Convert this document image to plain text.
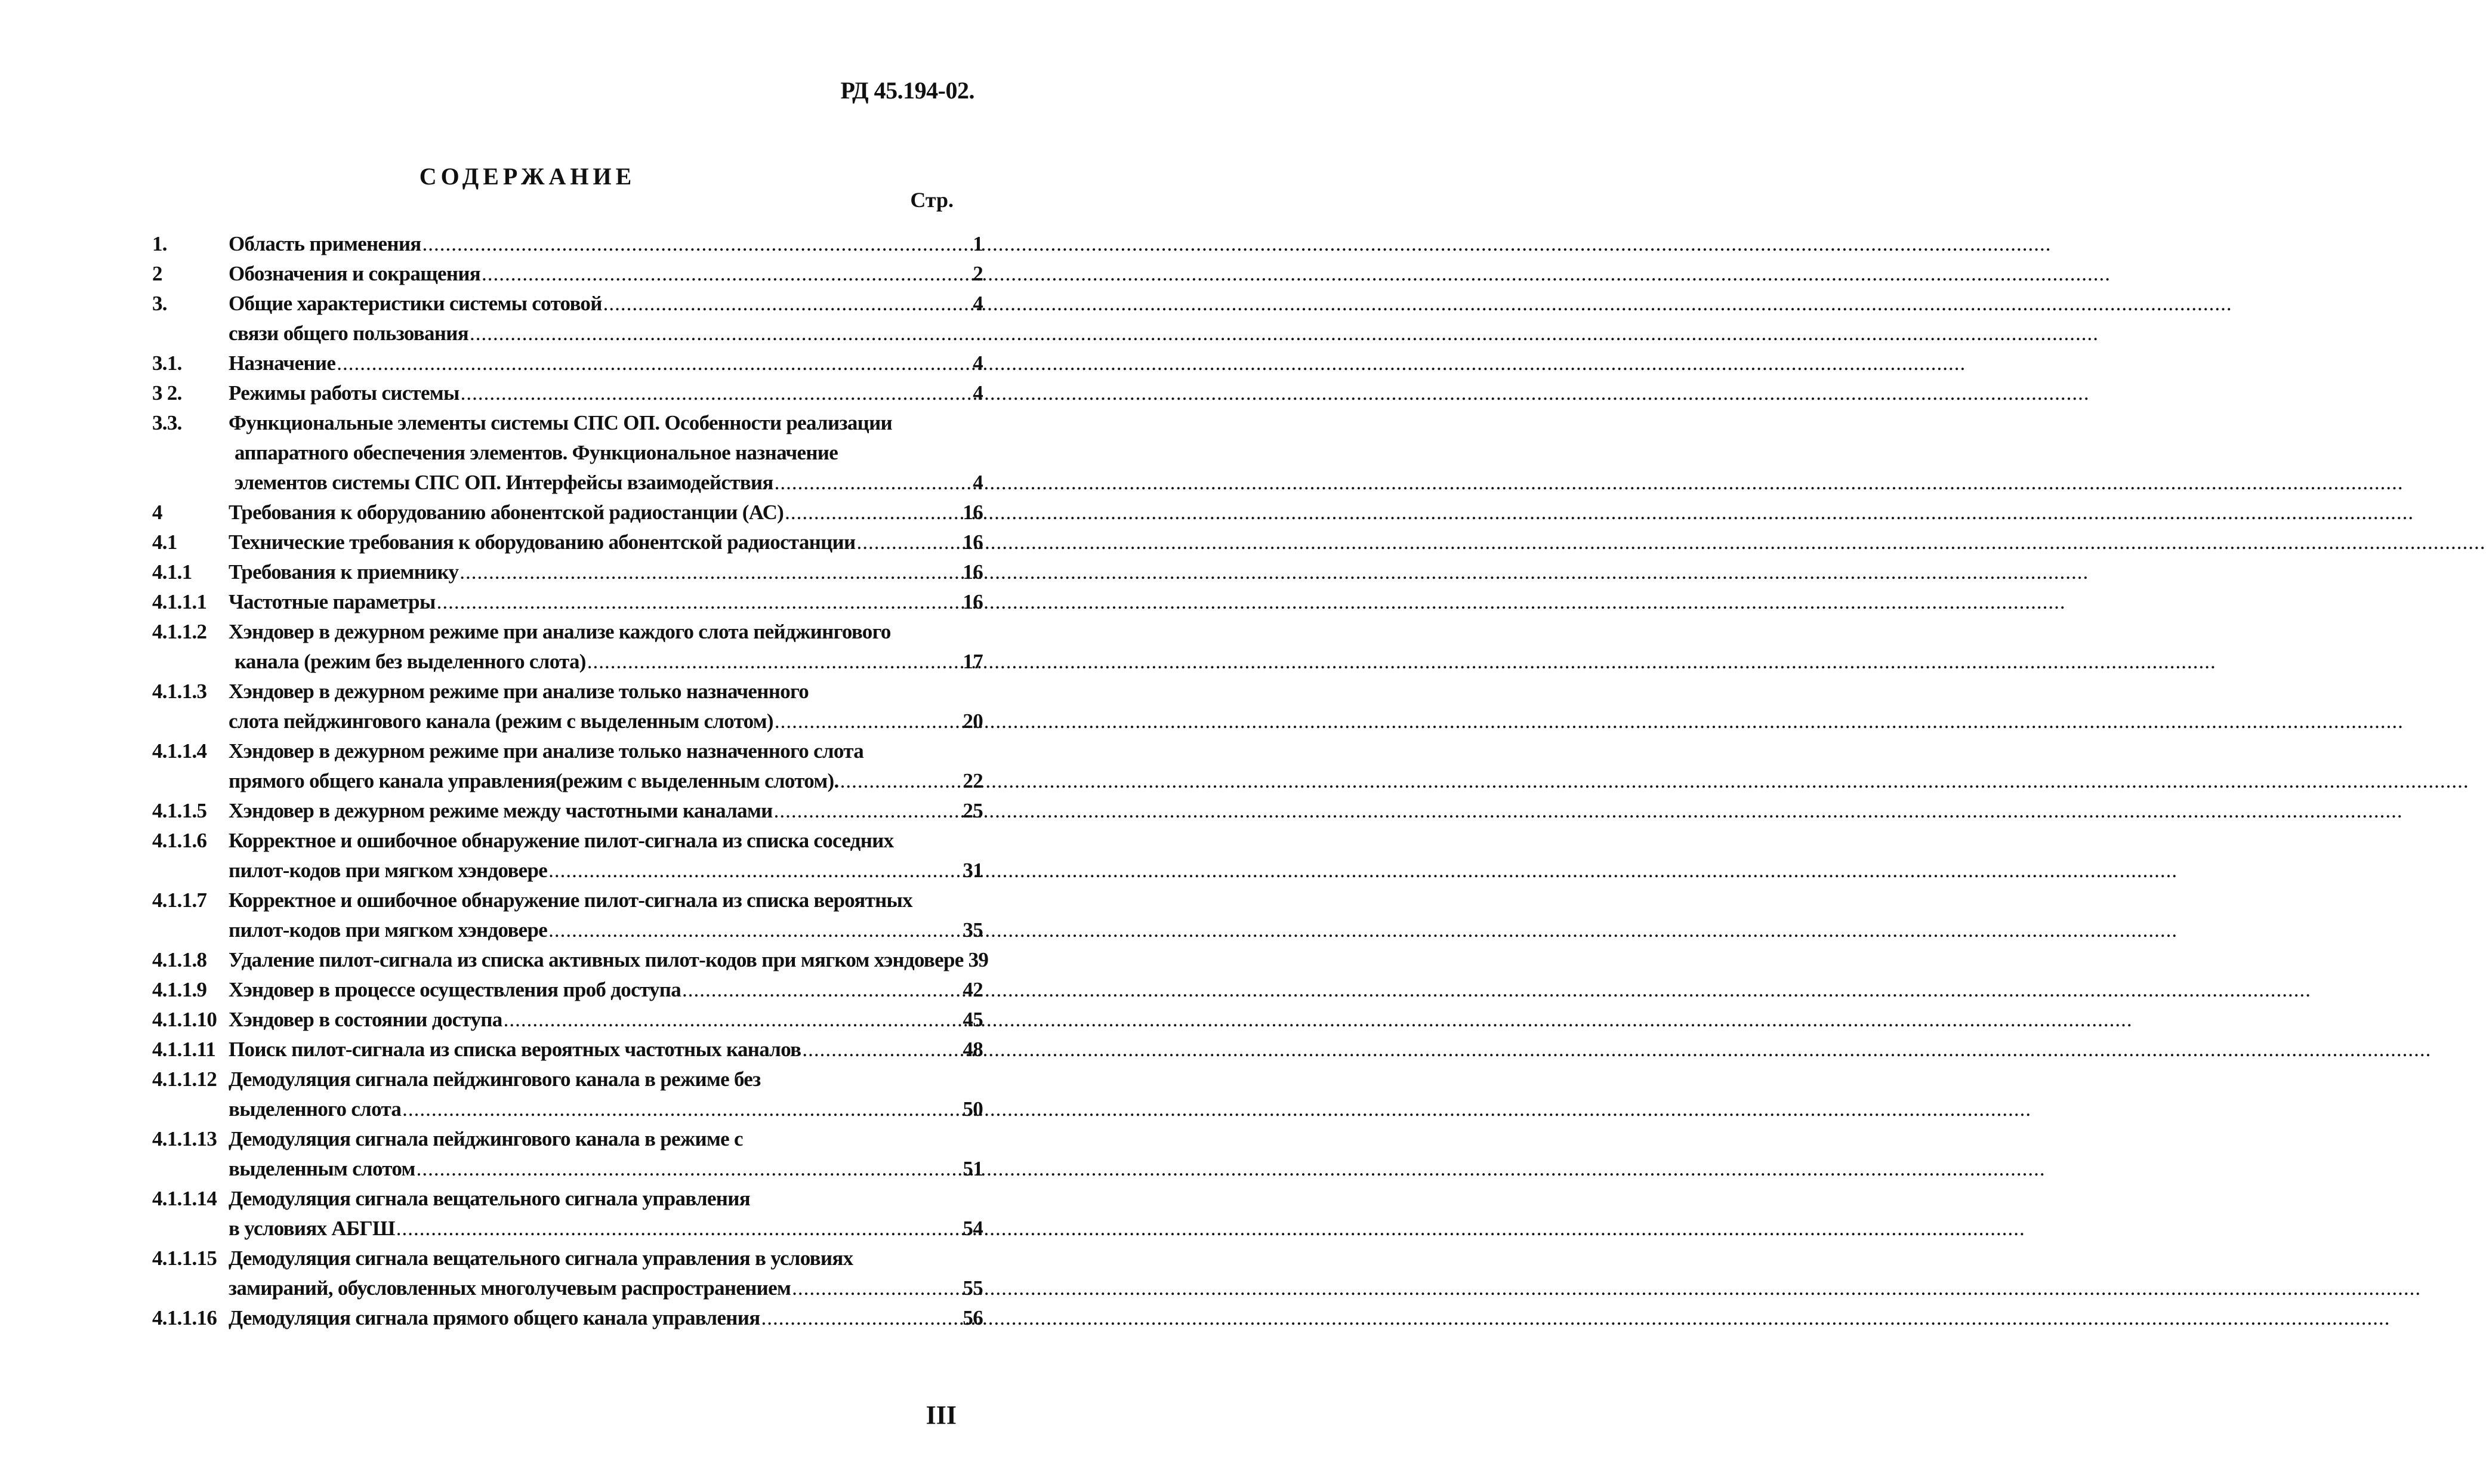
РД 45.194-02.
СОДЕРЖАНИЕ
Стр.
1.	Область применения .....	1
2	Обозначения и сокращения .....	2
3.	Общие характеристики системы сотовой .....	4
связи общего пользования
.....
3.1. Назначение .....	4
3 2. Режимы работы системы .....	4
3.3. Функциональные элементы системы СПС ОП. Особенности реализации
аппаратного обеспечения элементов. Функциональное назначение
элементов системы СПС ОП. Интерфейсы взаимодействия .....	4
4	Требования к оборудованию абонентской радиостанции (АС) .....	16
4.1 Технические требования к оборудованию абонентской радиостанции .....	16
4.1.1 Требования к приемнику .....	16
4.1.1.1 Частотные параметры .....	16
4.1.1.2 Хэндовер в дежурном режиме при анализе каждого слота пейджингового
канала (режим без выделенного слота) .....	17
4.1.1.3 Хэндовер в дежурном режиме при анализе только назначенного
слота пейджингового канала (режим с выделенным слотом) .....	20
4.1.1.4 Хэндовер в дежурном режиме при анализе только назначенного слота
прямого общего канала управления(режим с выделенным слотом). .....	22
4.1.1.5 Хэндовер в дежурном режиме между частотными каналами .....	25
4.1.1.6 Корректное и ошибочное обнаружение пилот-сигнала из списка соседних
пилот-кодов при мягком хэндовере .....	31
4.1.1.7 Корректное и ошибочное обнаружение пилот-сигнала из списка вероятных
пилот-кодов при мягком хэндовере .....	35
4.1.1.8 Удаление пилот-сигнала из списка активных пилот-кодов при мягком хэндовере 39
4.1.1.9 Хэндовер в процессе осуществления проб доступа .....	42
4.1.1.10 Хэндовер в состоянии доступа .....	45
4.1.1.11 Поиск пилот-сигнала из списка вероятных частотных каналов .....	48
4.1.1.12 Демодуляция сигнала пейджингового канала в режиме без
выделенного слота .....	50
4.1.1.13 Демодуляция сигнала пейджингового канала в режиме с
выделенным слотом .....	51
4.1.1.14 Демодуляция сигнала вещательного сигнала управления
в условиях АБГШ .....	54
4.1.1.15 Демодуляция сигнала вещательного сигнала управления в условиях
замираний, обусловленных многолучевым распространением .....	55
4.1.1.16 Демодуляция сигнала прямого общего канала управления .....	56
III
